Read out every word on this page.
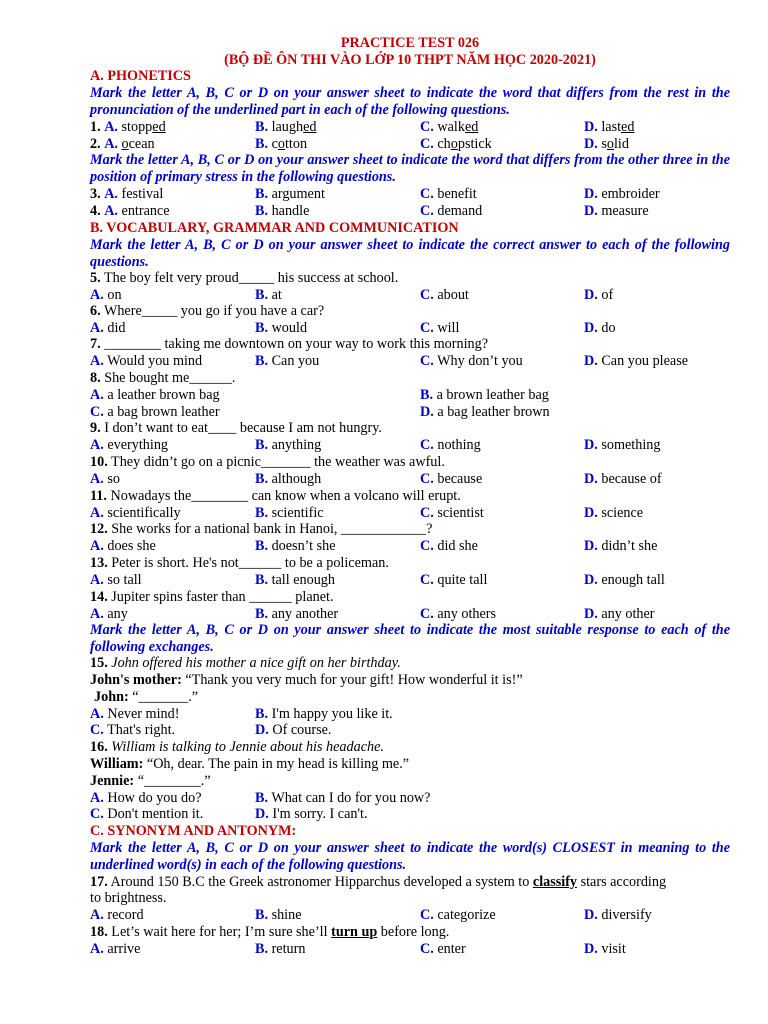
PRACTICE TEST 026
(BỘ ĐỀ ÔN THI VÀO LỚP 10 THPT NĂM HỌC 2020-2021)
A. PHONETICS
Mark the letter A, B, C or D on your answer sheet to indicate the word that differs from the rest in the pronunciation of the underlined part in each of the following questions.
1. A. stopped	B. laughed	C. walked	D. lasted
2. A. ocean	B. cotton	C. chopstick	D. solid
Mark the letter A, B, C or D on your answer sheet to indicate the word that differs from the other three in the position of primary stress in the following questions.
3. A. festival	B. argument	C. benefit	D. embroider
4. A. entrance	B. handle	C. demand	D. measure
B. VOCABULARY, GRAMMAR AND COMMUNICATION
Mark the letter A, B, C or D on your answer sheet to indicate the correct answer to each of the following questions.
5. The boy felt very proud_____ his success at school.
A. on	B. at	C. about	D. of
6. Where_____ you go if you have a car?
A. did	B. would	C. will	D. do
7. ________ taking me downtown on your way to work this morning?
A. Would you mind	B. Can you	C. Why don’t you	D. Can you please
8. She bought me______.
A. a leather brown bag	B. a brown leather bag
C. a bag brown leather	D. a bag leather brown
9. I don’t want to eat____ because I am not hungry.
A. everything	B. anything	C. nothing	D. something
10. They didn’t go on a picnic_______ the weather was awful.
A. so	B. although	C. because	D. because of
11. Nowadays the________ can know when a volcano will erupt.
A. scientifically	B. scientific	C. scientist	D. science
12. She works for a national bank in Hanoi, ____________?
A. does she	B. doesn’t she	C. did she	D. didn’t she
13. Peter is short. He's not______ to be a policeman.
A. so tall	B. tall enough	C. quite tall	D. enough tall
14. Jupiter spins faster than ______ planet.
A. any	B. any another	C. any others	D. any other
Mark the letter A, B, C or D on your answer sheet to indicate the most suitable response to each of the following exchanges.
15. John offered his mother a nice gift on her birthday.
John's mother: “Thank you very much for your gift! How wonderful it is!”
John: “_______.”
A. Never mind!	B. I'm happy you like it.
C. That's right.	D. Of course.
16. William is talking to Jennie about his headache.
William: “Oh, dear. The pain in my head is killing me.”
Jennie: “________.”
A. How do you do?	B. What can I do for you now?
C. Don't mention it.	D. I'm sorry. I can't.
C. SYNONYM AND ANTONYM:
Mark the letter A, B, C or D on your answer sheet to indicate the word(s) CLOSEST in meaning to the underlined word(s) in each of the following questions.
17. Around 150 B.C the Greek astronomer Hipparchus developed a system to classify stars according
to brightness.
A. record	B. shine	C. categorize	D. diversify
18. Let’s wait here for her; I’m sure she’ll turn up before long.
A. arrive	B. return	C. enter	D. visit
